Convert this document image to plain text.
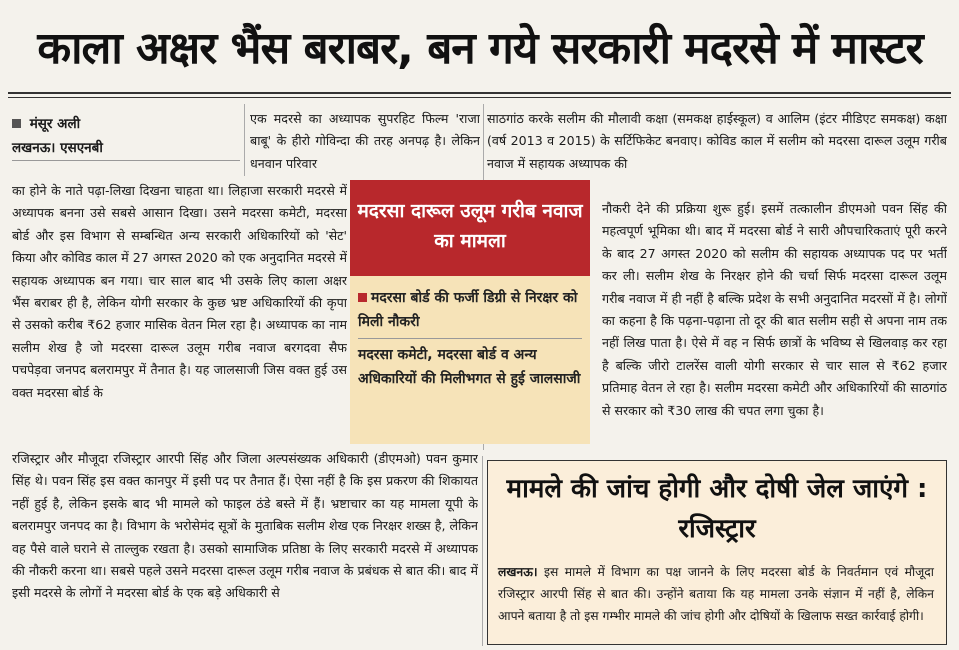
काला अक्षर भैंस बराबर, बन गये सरकारी मदरसे में मास्टर
मंसूर अली
लखनऊ। एसएनबी
एक मदरसे का अध्यापक सुपरहिट फिल्म 'राजा बाबू' के हीरो गोविन्दा की तरह अनपढ़ है। लेकिन धनवान परिवार
का होने के नाते पढ़ा-लिखा दिखना चाहता था। लिहाजा सरकारी मदरसे में अध्यापक बनना उसे सबसे आसान दिखा। उसने मदरसा कमेटी, मदरसा बोर्ड और इस विभाग से सम्बन्धित अन्य सरकारी अधिकारियों को 'सेट' किया और कोविड काल में 27 अगस्त 2020 को एक अनुदानित मदरसे में सहायक अध्यापक बन गया। चार साल बाद भी उसके लिए काला अक्षर भैंस बराबर ही है, लेकिन योगी सरकार के कुछ भ्रष्ट अधिकारियों की कृपा से उसको करीब ₹62 हजार मासिक वेतन मिल रहा है। अध्यापक का नाम सलीम शेख है जो मदरसा दारूल उलूम गरीब नवाज बरगदवा सैफ पचपेड़वा जनपद बलरामपुर में तैनात है। यह जालसाजी जिस वक्त हुई उस वक्त मदरसा बोर्ड के
रजिस्ट्रार और मौजूदा रजिस्ट्रार आरपी सिंह और जिला अल्पसंख्यक अधिकारी (डीएमओ) पवन कुमार सिंह थे। पवन सिंह इस वक्त कानपुर में इसी पद पर तैनात हैं। ऐसा नहीं है कि इस प्रकरण की शिकायत नहीं हुई है, लेकिन इसके बाद भी मामले को फाइल ठंडे बस्ते में हैं। भ्रष्टाचार का यह मामला यूपी के बलरामपुर जनपद का है। विभाग के भरोसेमंद सूत्रों के मुताबिक सलीम शेख एक निरक्षर शख्स है, लेकिन वह पैसे वाले घराने से ताल्लुक रखता है। उसको सामाजिक प्रतिष्ठा के लिए सरकारी मदरसे में अध्यापक की नौकरी करना था। सबसे पहले उसने मदरसा दारूल उलूम गरीब नवाज के प्रबंधक से बात की। बाद में इसी मदरसे के लोगों ने मदरसा बोर्ड के एक बड़े अधिकारी से
साठगांठ करके सलीम की मौलावी कक्षा (समकक्ष हाईस्कूल) व आलिम (इंटर मीडिएट समकक्ष) कक्षा (वर्ष 2013 व 2015) के सर्टिफिकेट बनवाए। कोविड काल में सलीम को मदरसा दारूल उलूम गरीब नवाज में सहायक अध्यापक की
नौकरी देने की प्रक्रिया शुरू हुई। इसमें तत्कालीन डीएमओ पवन सिंह की महत्वपूर्ण भूमिका थी। बाद में मदरसा बोर्ड ने सारी औपचारिकताएं पूरी करने के बाद 27 अगस्त 2020 को सलीम की सहायक अध्यापक पद पर भर्ती कर ली। सलीम शेख के निरक्षर होने की चर्चा सिर्फ मदरसा दारूल उलूम गरीब नवाज में ही नहीं है बल्कि प्रदेश के सभी अनुदानित मदरसों में है। लोगों का कहना है कि पढ़ना-पढ़ाना तो दूर की बात सलीम सही से अपना नाम तक नहीं लिख पाता है। ऐसे में वह न सिर्फ छात्रों के भविष्य से खिलवाड़ कर रहा है बल्कि जीरो टालरेंस वाली योगी सरकार से चार साल से ₹62 हजार प्रतिमाह वेतन ले रहा है। सलीम मदरसा कमेटी और अधिकारियों की साठगांठ से सरकार को ₹30 लाख की चपत लगा चुका है।
मदरसा दारूल उलूम गरीब नवाज का मामला
मदरसा बोर्ड की फर्जी डिग्री से निरक्षर को मिली नौकरी
मदरसा कमेटी, मदरसा बोर्ड व अन्य अधिकारियों की मिलीभगत से हुई जालसाजी
मामले की जांच होगी और दोषी जेल जाएंगे : रजिस्ट्रार
लखनऊ। इस मामले में विभाग का पक्ष जानने के लिए मदरसा बोर्ड के निवर्तमान एवं मौजूदा रजिस्ट्रार आरपी सिंह से बात की। उन्होंने बताया कि यह मामला उनके संज्ञान में नहीं है, लेकिन आपने बताया है तो इस गम्भीर मामले की जांच होगी और दोषियों के खिलाफ सख्त कार्रवाई होगी।
